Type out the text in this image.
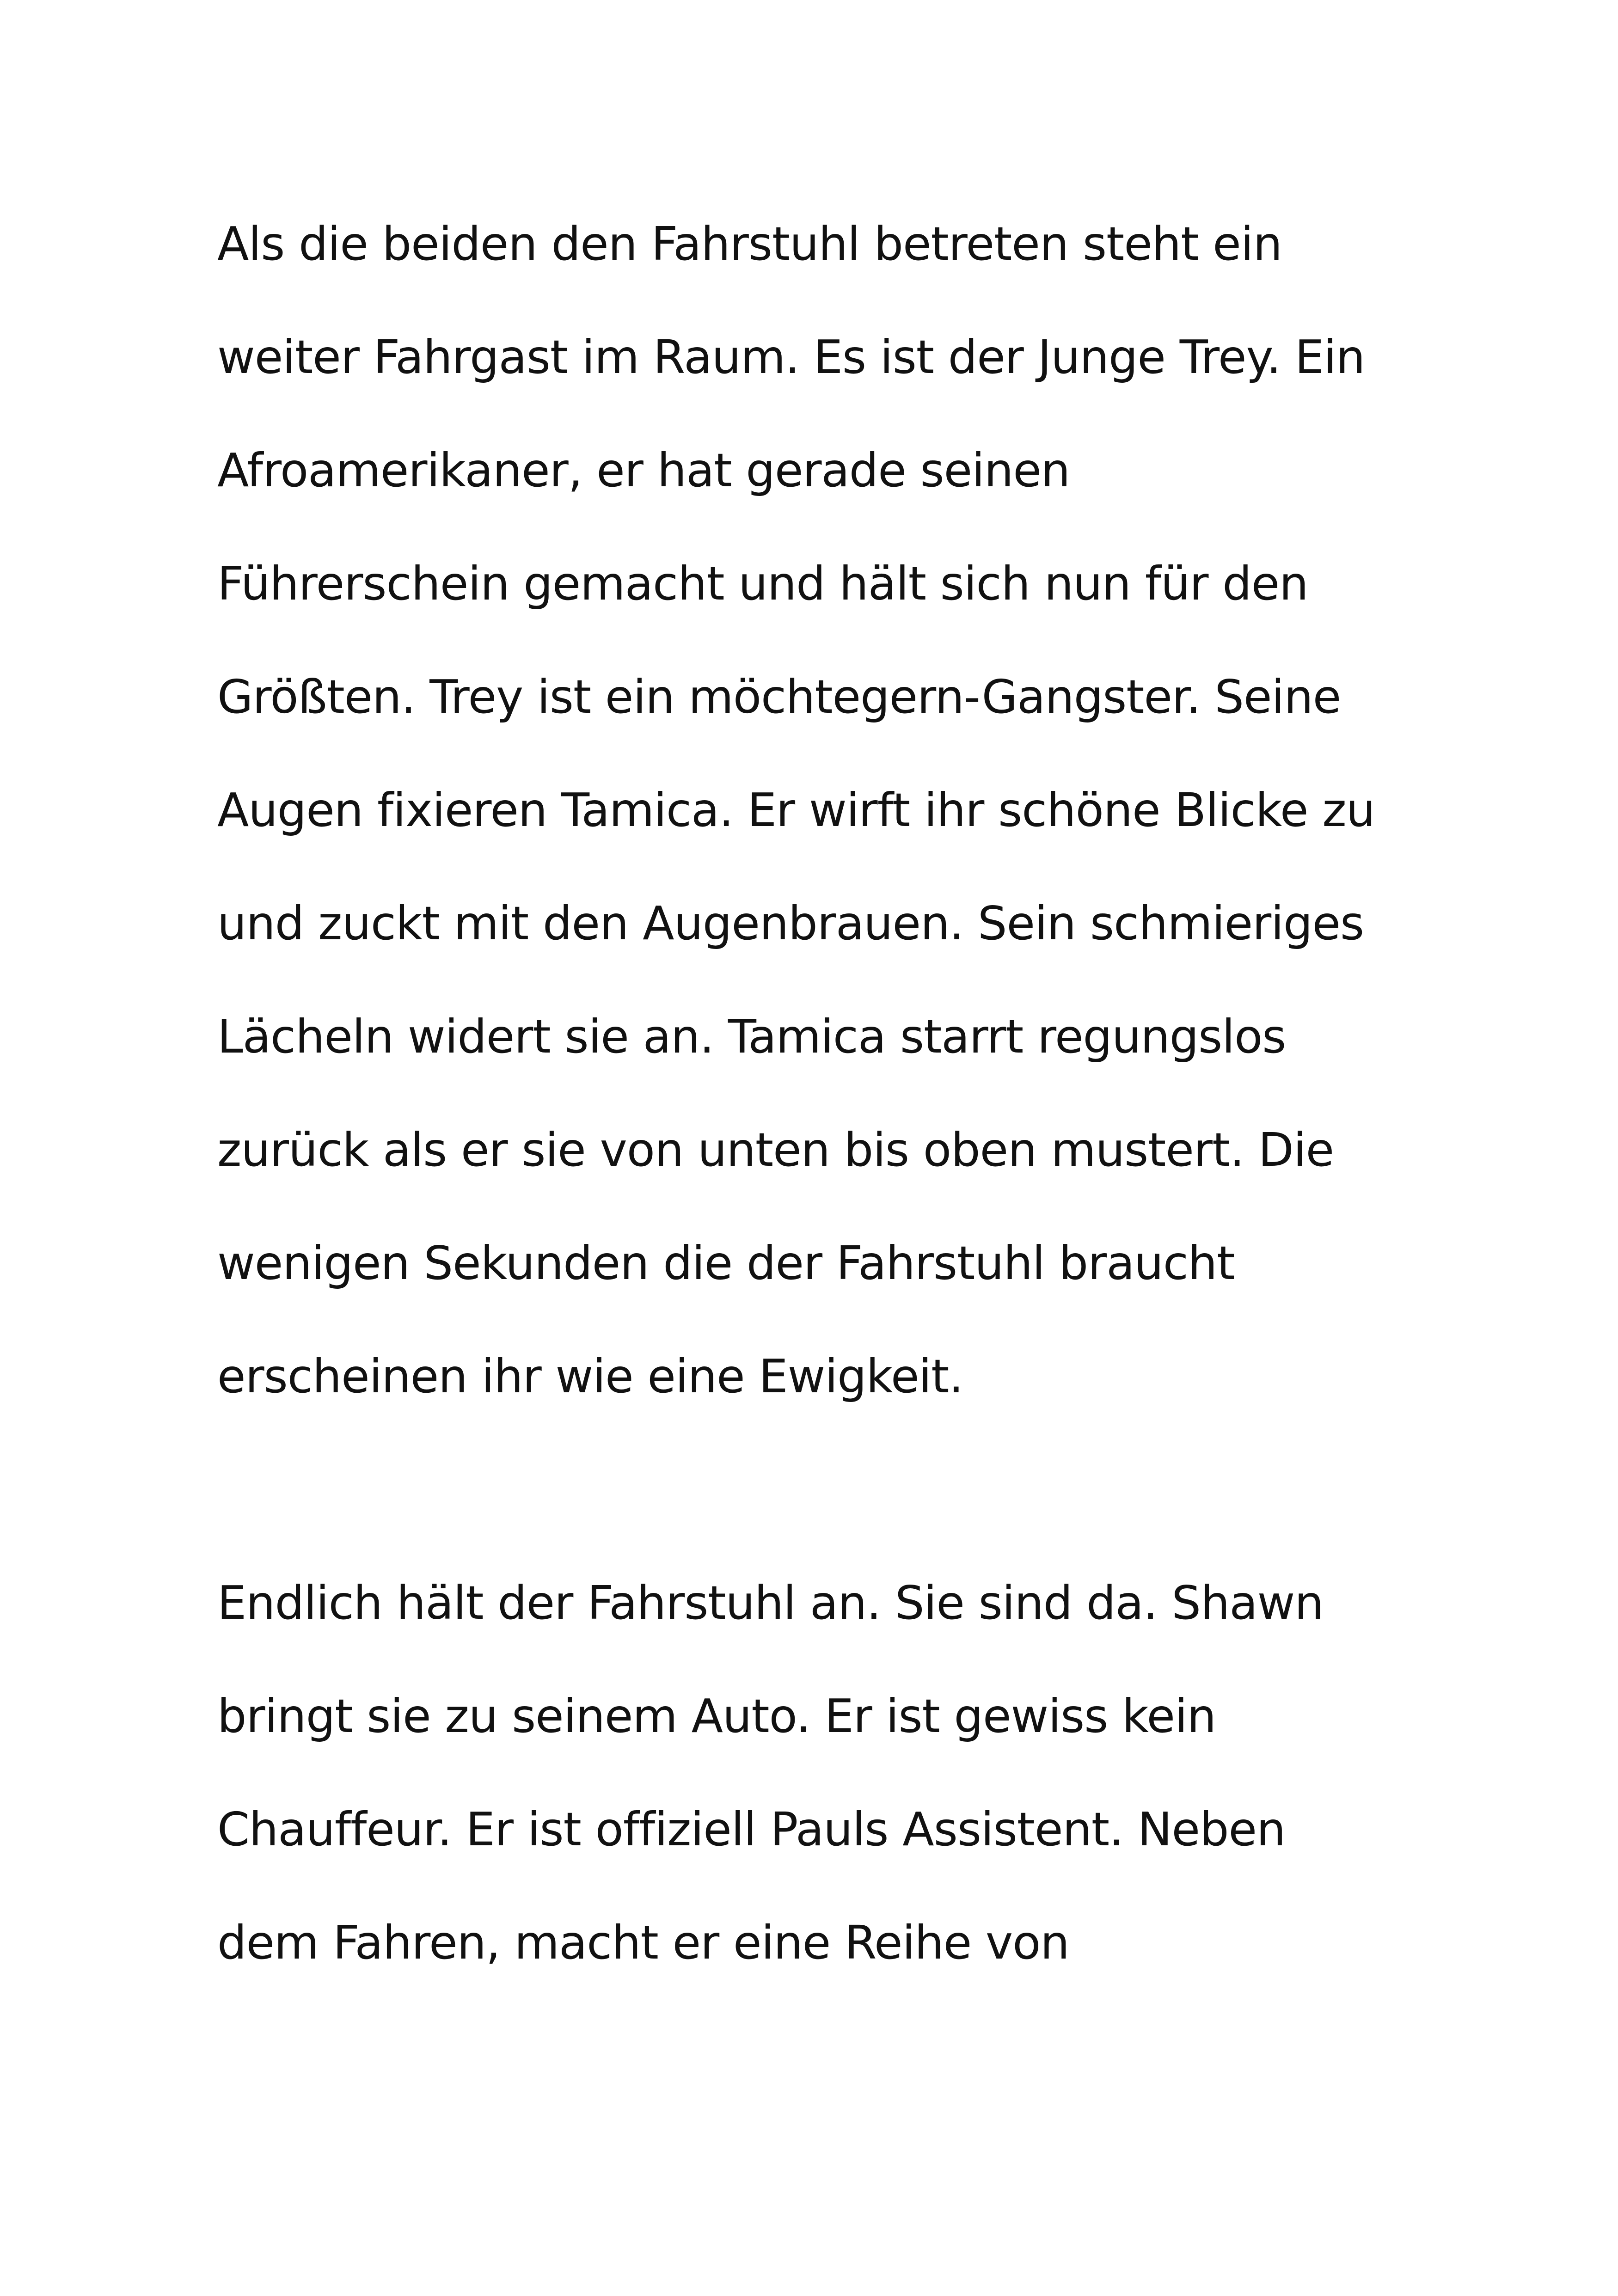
Als die beiden den Fahrstuhl betreten steht ein

weiter Fahrgast im Raum. Es ist der Junge Trey. Ein

Afroamerikaner, er hat gerade seinen

Führerschein gemacht und hält sich nun für den

Größten. Trey ist ein möchtegern-Gangster. Seine

Augen fixieren Tamica. Er wirft ihr schöne Blicke zu

und zuckt mit den Augenbrauen. Sein schmieriges

Lächeln widert sie an. Tamica starrt regungslos

zurück als er sie von unten bis oben mustert. Die

wenigen Sekunden die der Fahrstuhl braucht

erscheinen ihr wie eine Ewigkeit.

Endlich hält der Fahrstuhl an. Sie sind da. Shawn

bringt sie zu seinem Auto. Er ist gewiss kein

Chauffeur. Er ist offiziell Pauls Assistent. Neben

dem Fahren, macht er eine Reihe von
